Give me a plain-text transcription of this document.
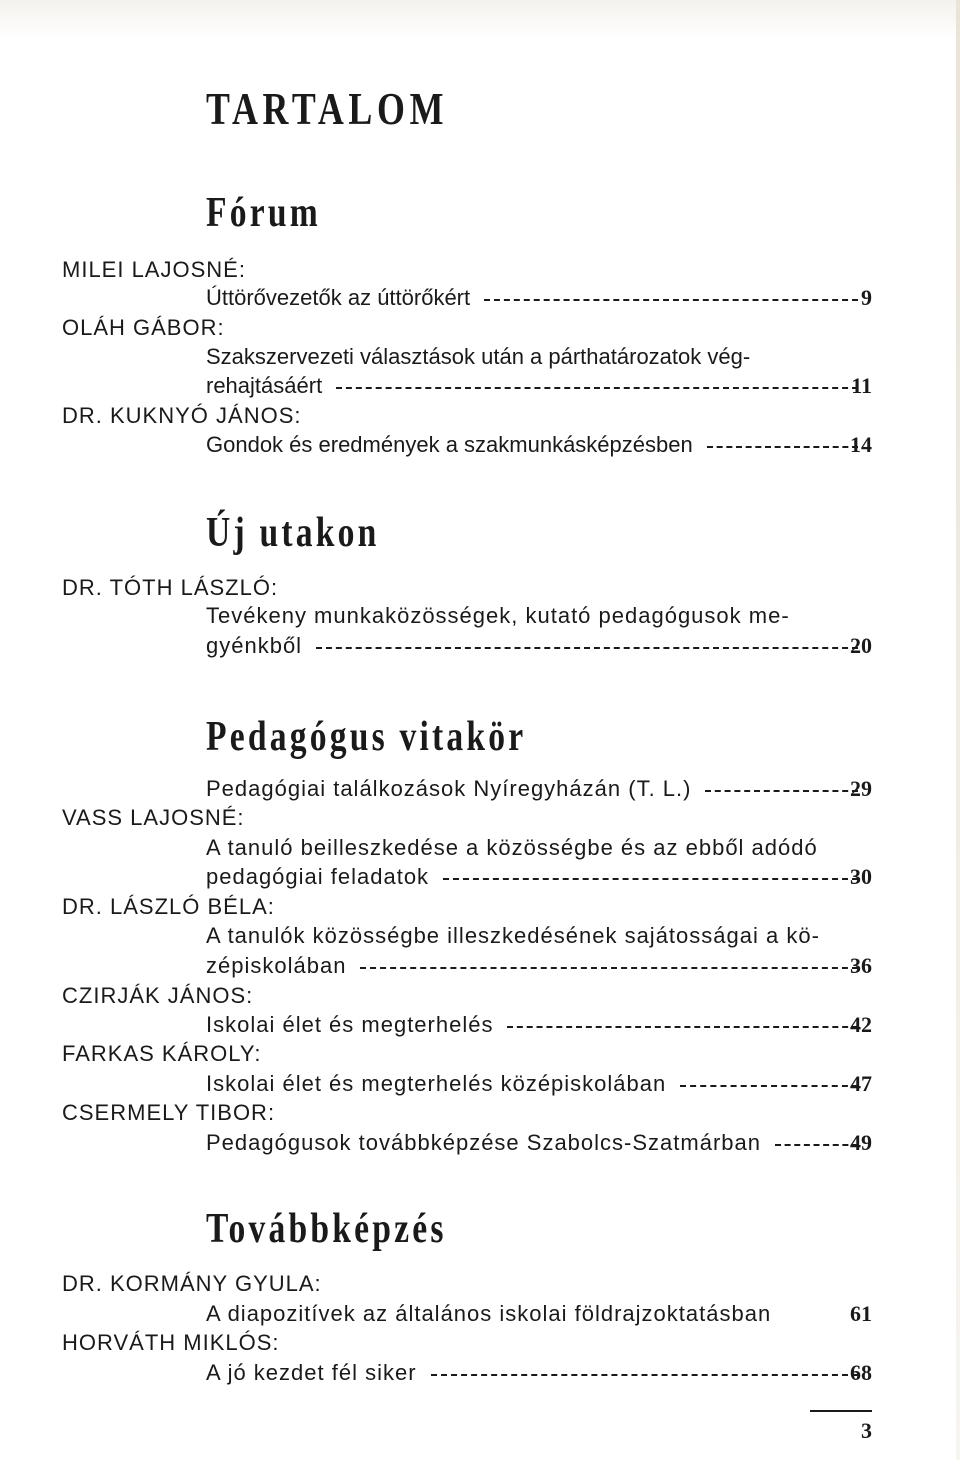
TARTALOM
Fórum
MILEI LAJOSNÉ:
Úttörővezetők az úttörőkért	9
OLÁH GÁBOR:
Szakszervezeti választások után a párthatározatok vég-
rehajtásáért	11
DR. KUKNYÓ JÁNOS:
Gondok és eredmények a szakmunkásképzésben	14
Új utakon
DR. TÓTH LÁSZLÓ:
Tevékeny munkaközösségek, kutató pedagógusok me-
gyénkből	20
Pedagógus vitakör
Pedagógiai találkozások Nyíregyházán (T. L.)	29
VASS LAJOSNÉ:
A tanuló beilleszkedése a közösségbe és az ebből adódó
pedagógiai feladatok	30
DR. LÁSZLÓ BÉLA:
A tanulók közösségbe illeszkedésének sajátosságai a kö-
zépiskolában	36
CZIRJÁK JÁNOS:
Iskolai élet és megterhelés	42
FARKAS KÁROLY:
Iskolai élet és megterhelés középiskolában	47
CSERMELY TIBOR:
Pedagógusok továbbképzése Szabolcs-Szatmárban	49
Továbbképzés
DR. KORMÁNY GYULA:
A diapozitívek az általános iskolai földrajzoktatásban	61
HORVÁTH MIKLÓS:
A jó kezdet fél siker	68
3
